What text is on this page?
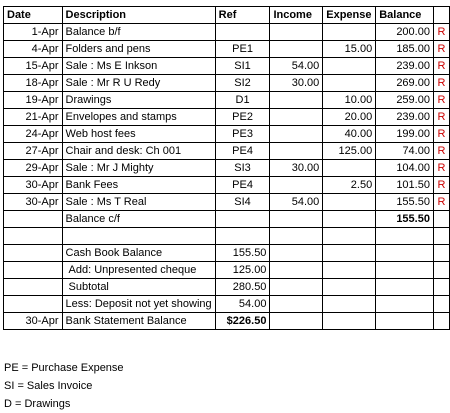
Date	Description	Ref	Income	Expense	Balance	
1-Apr	Balance b/f				200.00	R
4-Apr	Folders and pens	PE1		15.00	185.00	R
15-Apr	Sale : Ms E Inkson	SI1	54.00		239.00	R
18-Apr	Sale : Mr R U Redy	SI2	30.00		269.00	R
19-Apr	Drawings	D1		10.00	259.00	R
21-Apr	Envelopes and stamps	PE2		20.00	239.00	R
24-Apr	Web host fees	PE3		40.00	199.00	R
27-Apr	Chair and desk: Ch 001	PE4		125.00	74.00	R
29-Apr	Sale : Mr J Mighty	SI3	30.00		104.00	R
30-Apr	Bank Fees	PE4		2.50	101.50	R
30-Apr	Sale : Ms T Real	SI4	54.00		155.50	R
	Balance c/f				155.50	

	Cash Book Balance	155.50				
	Add: Unpresented cheque	125.00				
	Subtotal	280.50				
	Less: Deposit not yet showing	54.00				
30-Apr	Bank Statement Balance	$226.50				
PE = Purchase Expense
SI = Sales Invoice
D = Drawings
